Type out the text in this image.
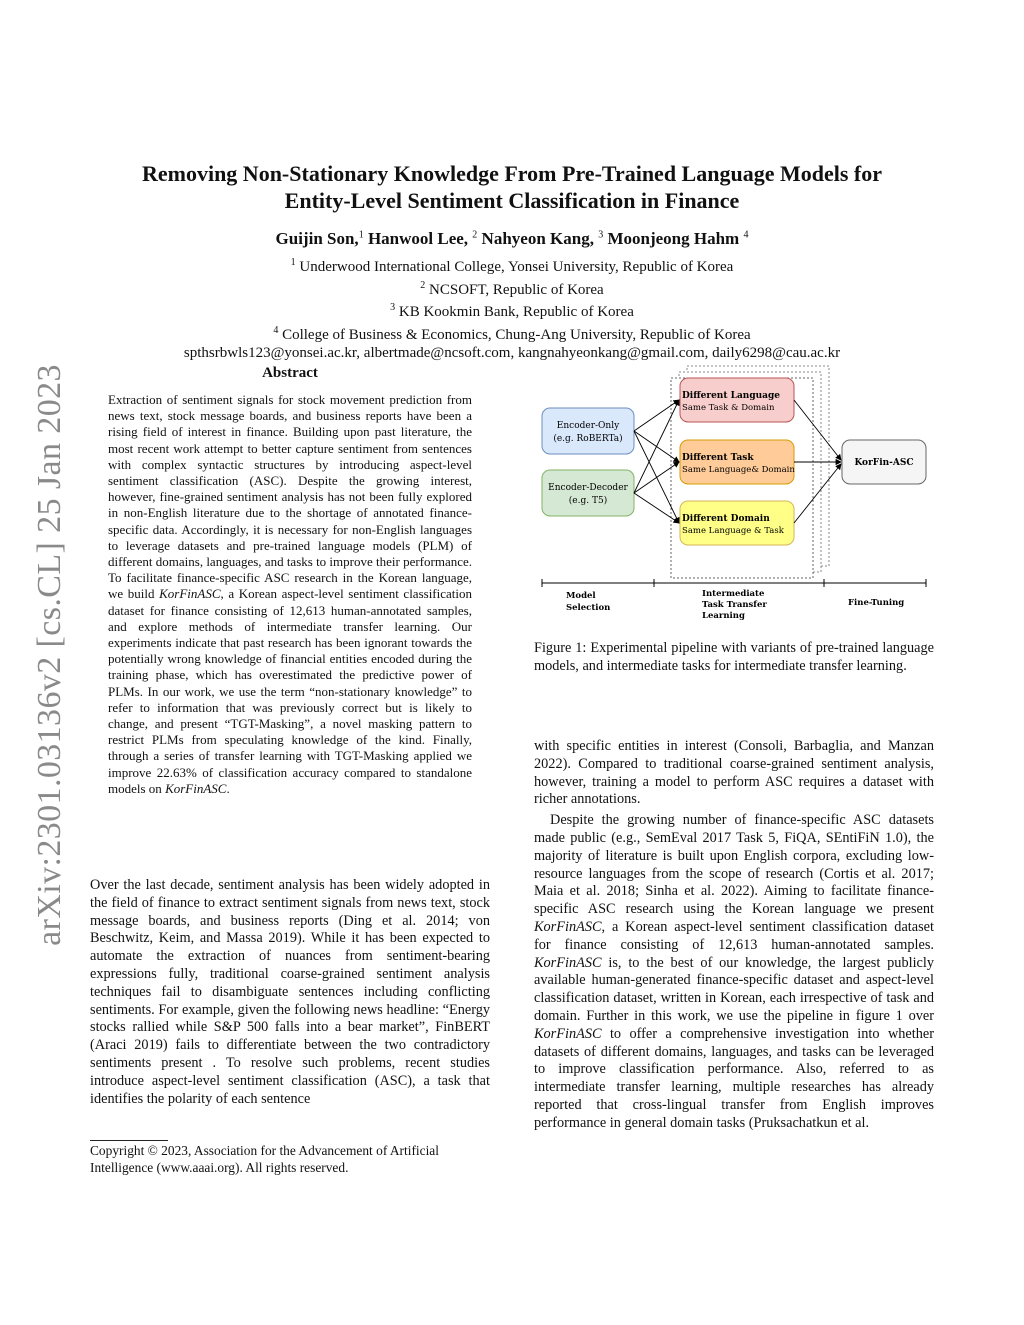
arXiv:2301.03136v2 [cs.CL] 25 Jan 2023
Removing Non-Stationary Knowledge From Pre-Trained Language Models for
Entity-Level Sentiment Classification in Finance
Guijin Son,$^1$ Hanwool Lee, $^2$ Nahyeon Kang, $^3$ Moonjeong Hahm $^4$
$^1$ Underwood International College, Yonsei University, Republic of Korea
$^2$ NCSOFT, Republic of Korea
$^3$ KB Kookmin Bank, Republic of Korea
$^4$ College of Business & Economics, Chung-Ang University, Republic of Korea
spthsrbwls123@yonsei.ac.kr, albertmade@ncsoft.com, kangnahyeonkang@gmail.com, daily6298@cau.ac.kr
Abstract
Extraction of sentiment signals for stock movement prediction from news text, stock message boards, and business reports have been a rising field of interest in finance. Building upon past literature, the most recent work attempt to better capture sentiment from sentences with complex syntactic structures by introducing aspect-level sentiment classification (ASC). Despite the growing interest, however, fine-grained sentiment analysis has not been fully explored in non-English literature due to the shortage of annotated finance-specific data. Accordingly, it is necessary for non-English languages to leverage datasets and pre-trained language models (PLM) of different domains, languages, and tasks to improve their performance. To facilitate finance-specific ASC research in the Korean language, we build KorFinASC, a Korean aspect-level sentiment classification dataset for finance consisting of 12,613 human-annotated samples, and explore methods of intermediate transfer learning. Our experiments indicate that past research has been ignorant towards the potentially wrong knowledge of financial entities encoded during the training phase, which has overestimated the predictive power of PLMs. In our work, we use the term “non-stationary knowledge” to refer to information that was previously correct but is likely to change, and present “TGT-Masking”, a novel masking pattern to restrict PLMs from speculating knowledge of the kind. Finally, through a series of transfer learning with TGT-Masking applied we improve 22.63% of classification accuracy compared to standalone models on KorFinASC.
Over the last decade, sentiment analysis has been widely adopted in the field of finance to extract sentiment signals from news text, stock message boards, and business reports (Ding et al. 2014; von Beschwitz, Keim, and Massa 2019). While it has been expected to automate the extraction of nuances from sentiment-bearing expressions fully, traditional coarse-grained sentiment analysis techniques fail to disambiguate sentences including conflicting sentiments. For example, given the following news headline: “Energy stocks rallied while S&P 500 falls into a bear market”, FinBERT (Araci 2019) fails to differentiate between the two contradictory sentiments present . To resolve such problems, recent studies introduce aspect-level sentiment classification (ASC), a task that identifies the polarity of each sentence
Copyright © 2023, Association for the Advancement of Artificial Intelligence (www.aaai.org). All rights reserved.
Encoder-Only
(e.g. RoBERTa)
Encoder-Decoder
(e.g. T5)
Different Language
Same Task & Domain
Different Task
Same Language& Domain
Different Domain
Same Language & Task
KorFin-ASC
Model
Selection
Intermediate
Task Transfer
Learning
Fine-Tuning
Figure 1: Experimental pipeline with variants of pre-trained language models, and intermediate tasks for intermediate transfer learning.

with specific entities in interest (Consoli, Barbaglia, and Manzan 2022). Compared to traditional coarse-grained sentiment analysis, however, training a model to perform ASC requires a dataset with richer annotations.

Despite the growing number of finance-specific ASC datasets made public (e.g., SemEval 2017 Task 5, FiQA, SEntiFiN 1.0), the majority of literature is built upon English corpora, excluding low-resource languages from the scope of research (Cortis et al. 2017; Maia et al. 2018; Sinha et al. 2022). Aiming to facilitate finance-specific ASC research using the Korean language we present KorFinASC, a Korean aspect-level sentiment classification dataset for finance consisting of 12,613 human-annotated samples. KorFinASC is, to the best of our knowledge, the largest publicly available human-generated finance-specific dataset and aspect-level classification dataset, written in Korean, each irrespective of task and domain. Further in this work, we use the pipeline in figure 1 over KorFinASC to offer a comprehensive investigation into whether datasets of different domains, languages, and tasks can be leveraged to improve classification performance. Also, referred to as intermediate transfer learning, multiple researches has already reported that cross-lingual transfer from English improves performance in general domain tasks (Pruksachatkun et al.
